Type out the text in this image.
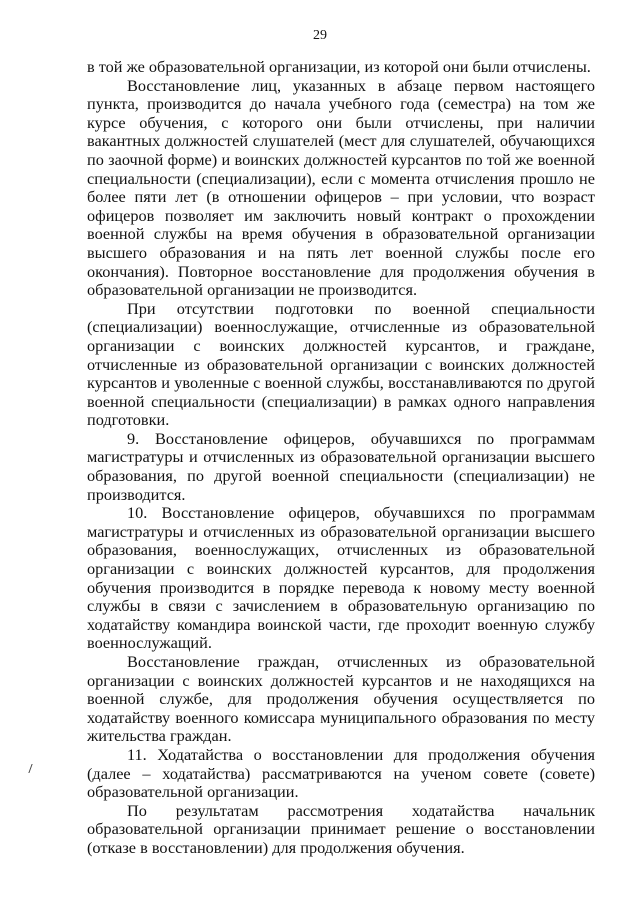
29

в той же образовательной организации, из которой они были отчислены.

Восстановление лиц, указанных в абзаце первом настоящего пункта, производится до начала учебного года (семестра) на том же курсе обучения, с которого они были отчислены, при наличии вакантных должностей слушателей (мест для слушателей, обучающихся по заочной форме) и воинских должностей курсантов по той же военной специальности (специализации), если с момента отчисления прошло не более пяти лет (в отношении офицеров – при условии, что возраст офицеров позволяет им заключить новый контракт о прохождении военной службы на время обучения в образовательной организации высшего образования и на пять лет военной службы после его окончания). Повторное восстановление для продолжения обучения в образовательной организации не производится.

При отсутствии подготовки по военной специальности (специализации) военнослужащие, отчисленные из образовательной организации с воинских должностей курсантов, и граждане, отчисленные из образовательной организации с воинских должностей курсантов и уволенные с военной службы, восстанавливаются по другой военной специальности (специализации) в рамках одного направления подготовки.

9. Восстановление офицеров, обучавшихся по программам магистратуры и отчисленных из образовательной организации высшего образования, по другой военной специальности (специализации) не производится.

10. Восстановление офицеров, обучавшихся по программам магистратуры и отчисленных из образовательной организации высшего образования, военнослужащих, отчисленных из образовательной организации с воинских должностей курсантов, для продолжения обучения производится в порядке перевода к новому месту военной службы в связи с зачислением в образовательную организацию по ходатайству командира воинской части, где проходит военную службу военнослужащий.

Восстановление граждан, отчисленных из образовательной организации с воинских должностей курсантов и не находящихся на военной службе, для продолжения обучения осуществляется по ходатайству военного комиссара муниципального образования по месту жительства граждан.

11. Ходатайства о восстановлении для продолжения обучения (далее – ходатайства) рассматриваются на ученом совете (совете) образовательной организации.

По результатам рассмотрения ходатайства начальник образовательной организации принимает решение о восстановлении (отказе в восстановлении) для продолжения обучения.
